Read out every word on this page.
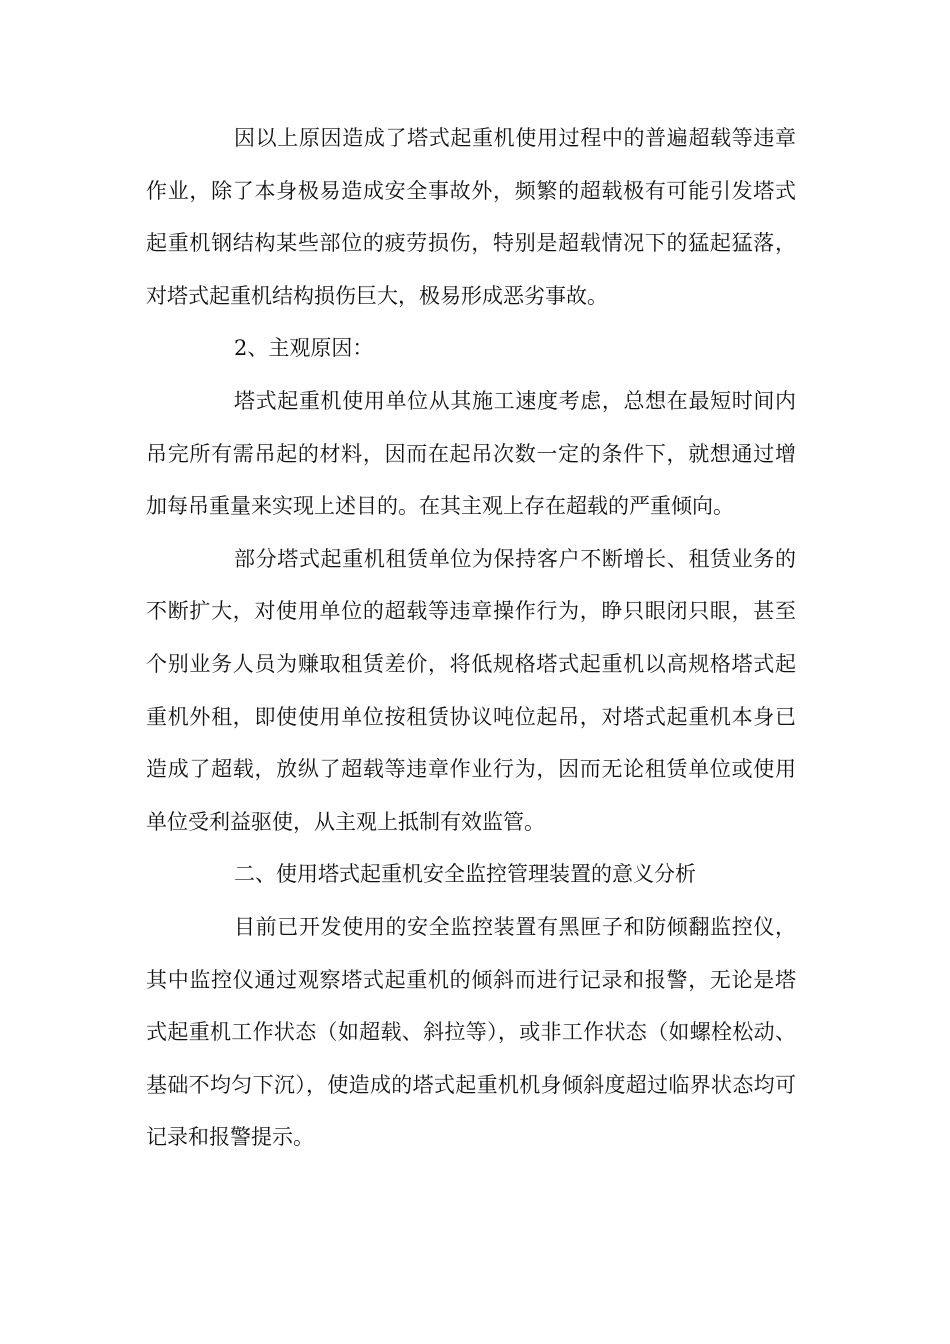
因以上原因造成了塔式起重机使用过程中的普遍超载等违章作业，除了本身极易造成安全事故外，频繁的超载极有可能引发塔式起重机钢结构某些部位的疲劳损伤，特别是超载情况下的猛起猛落，对塔式起重机结构损伤巨大，极易形成恶劣事故。

2、主观原因：

塔式起重机使用单位从其施工速度考虑，总想在最短时间内吊完所有需吊起的材料，因而在起吊次数一定的条件下，就想通过增加每吊重量来实现上述目的。在其主观上存在超载的严重倾向。

部分塔式起重机租赁单位为保持客户不断增长、租赁业务的不断扩大，对使用单位的超载等违章操作行为，睁只眼闭只眼，甚至个别业务人员为赚取租赁差价，将低规格塔式起重机以高规格塔式起重机外租，即使使用单位按租赁协议吨位起吊，对塔式起重机本身已造成了超载，放纵了超载等违章作业行为，因而无论租赁单位或使用单位受利益驱使，从主观上抵制有效监管。

二、使用塔式起重机安全监控管理装置的意义分析

目前已开发使用的安全监控装置有黑匣子和防倾翻监控仪，其中监控仪通过观察塔式起重机的倾斜而进行记录和报警，无论是塔式起重机工作状态（如超载、斜拉等），或非工作状态（如螺栓松动、基础不均匀下沉），使造成的塔式起重机机身倾斜度超过临界状态均可记录和报警提示。
